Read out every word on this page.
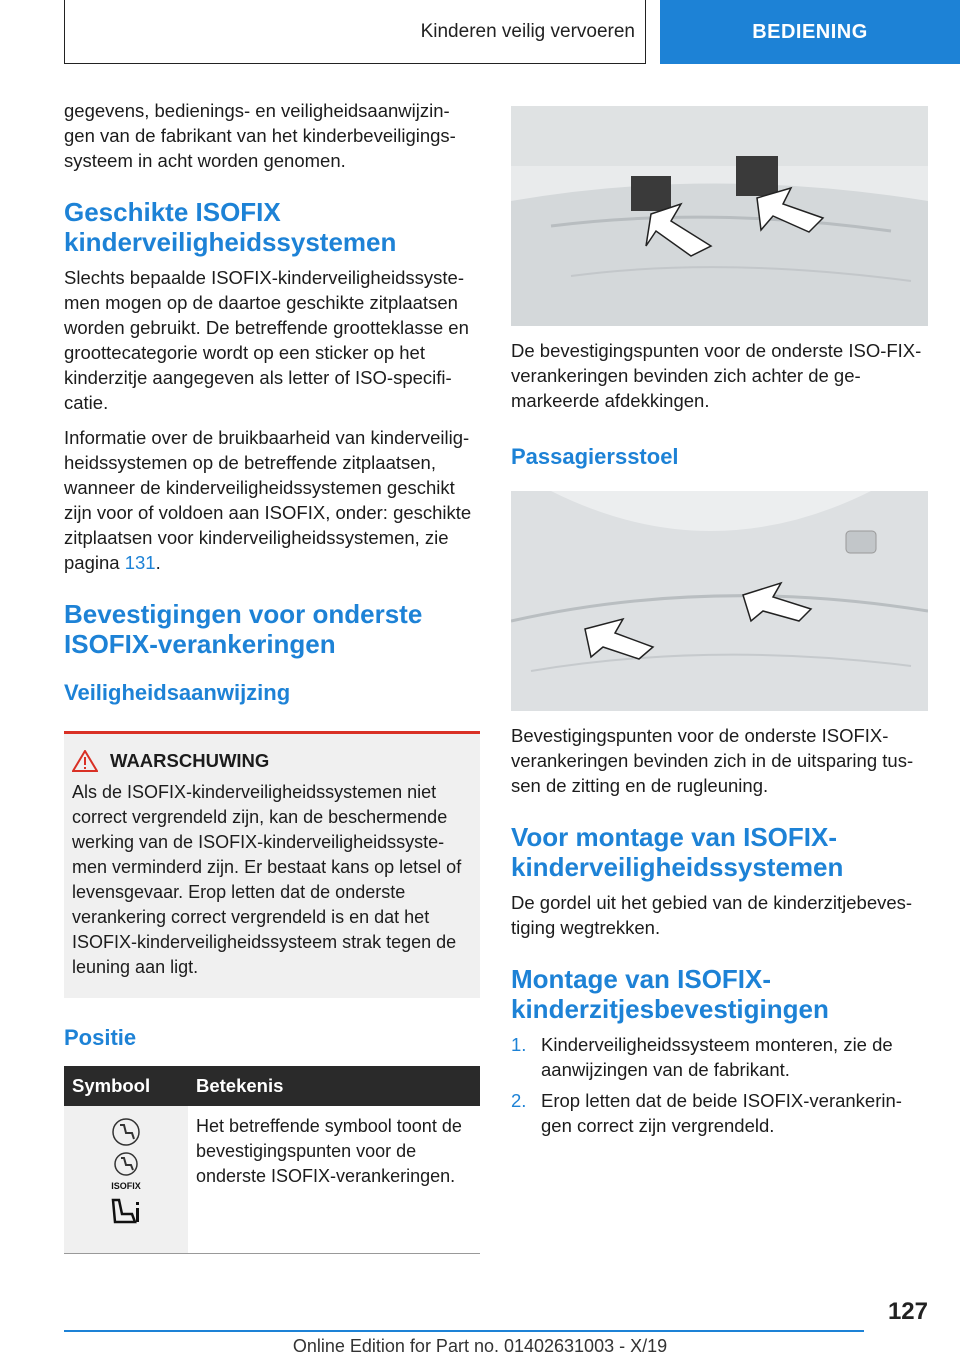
Kinderen veilig vervoeren	BEDIENING

gegevens, bedienings- en veiligheidsaanwijzin-gen van de fabrikant van het kinderbeveiligings-systeem in acht worden genomen.

Geschikte ISOFIX kinderveiligheidssystemen

Slechts bepaalde ISOFIX-kinderveiligheidssyste-men mogen op de daartoe geschikte zitplaatsen worden gebruikt. De betreffende grootteklasse en groottecategorie wordt op een sticker op het kinderzitje aangegeven als letter of ISO-specifi-catie.

Informatie over de bruikbaarheid van kinderveilig-heidssystemen op de betreffende zitplaatsen, wanneer de kinderveiligheidssystemen geschikt zijn voor of voldoen aan ISOFIX, onder: geschikte zitplaatsen voor kinderveiligheidssystemen, zie pagina 131.

Bevestigingen voor onderste ISOFIX-verankeringen
Veiligheidsaanwijzing
WAARSCHUWING

Als de ISOFIX-kinderveiligheidssystemen niet correct vergrendeld zijn, kan de beschermende werking van de ISOFIX-kinderveiligheidssyste-men verminderd zijn. Er bestaat kans op letsel of levensgevaar. Erop letten dat de onderste verankering correct vergrendeld is en dat het ISOFIX-kinderveiligheidssysteem strak tegen de leuning aan ligt.

Positie
Symbool	Betekenis

ISOFIX	Het betreffende symbool toont de bevestigingspunten voor de onderste ISOFIX-verankeringen.

De bevestigingspunten voor de onderste ISO-FIX-verankeringen bevinden zich achter de ge-markeerde afdekkingen.

Passagiersstoel

Bevestigingspunten voor de onderste ISOFIX-verankeringen bevinden zich in de uitsparing tus-sen de zitting en de rugleuning.

Voor montage van ISOFIX-kinderveiligheidssystemen

De gordel uit het gebied van de kinderzitjebeves-tiging wegtrekken.

Montage van ISOFIX-kinderzitjesbevestigingen
1. Kinderveiligheidssysteem monteren, zie de aanwijzingen van de fabrikant.
2. Erop letten dat de beide ISOFIX-verankerin-gen correct zijn vergrendeld.
127
Online Edition for Part no. 01402631003 - X/19
